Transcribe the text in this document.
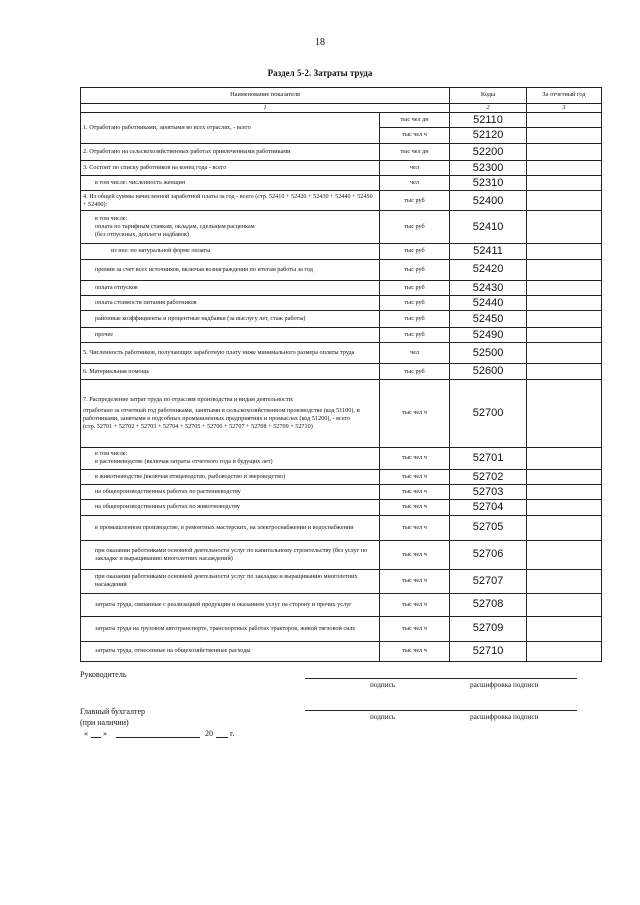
18
Раздел 5-2. Затраты труда
Наименование показателя		Коды	За отчетный год
1		2	3
1. Отработано работниками, занятыми во всех отраслях, - всего	тыс чел дн	52110	
	тыс чел ч	52120	
2. Отработано на сельскохозяйственных работах привлеченными работниками	тыс чел дн	52200	
3. Состоит по списку работников на конец года - всего	чел	52300	
в том числе: численность женщин	чел	52310	
4. Из общей суммы начисленной заработной платы за год - всего (стр. 52410 + 52420 + 52430 + 52440 + 52450 + 52490):	тыс руб	52400	

в том числе:
оплата по тарифным ставкам, окладам, сдельным расценкам
(без отпускных, доплат и надбавок)	тыс руб	52410	
из нее: по натуральной форме оплаты	тыс руб	52411	
премии за счет всех источников, включая вознаграждения по итогам работы за год	тыс руб	52420	
оплата отпусков	тыс руб	52430	
оплата стоимости питания работников	тыс руб	52440	
районные коэффициенты и процентные надбавки (за выслугу лет, стаж работы)	тыс руб	52450	
прочее	тыс руб	52490	
5. Численность работников, получающих заработную плату ниже минимального размера оплаты труда	чел	52500	
6. Материальная помощь	тыс руб	52600	

7. Распределение затрат труда по отраслям производства и видам деятельности:
отработано за отчетный год работниками, занятыми в сельскохозяйственном производстве (код 51100), и работниками, занятыми в подсобных промышленных предприятиях и промыслах (код 51200), - всего
(стр. 52701 + 52702 + 52703 + 52704 + 52705 + 52706 + 52707 + 52708 + 52709 + 52710)	тыс чел ч	52700	

в том числе:
в растениеводстве (включая затраты отчетного года и будущих лет)	тыс чел ч	52701	
в животноводстве (включая птицеводство, рыбоводство и звероводство)	тыс чел ч	52702	
на общепроизводственных работах по растениеводству	тыс чел ч	52703	
на общепроизводственных работах по животноводству	тыс чел ч	52704	
в промышленном производстве, в ремонтных мастерских, на электроснабжении и водоснабжении	тыс чел ч	52705	
при оказании работниками основной деятельности услуг по капитальному строительству (без услуг по закладке и выращиванию многолетних насаждений)	тыс чел ч	52706	
при оказании работниками основной деятельности услуг по закладке и выращиванию многолетних насаждений	тыс чел ч	52707	
затраты труда, связанные с реализацией продукции и оказанием услуг на сторону и прочих услуг	тыс чел ч	52708	
затраты труда на грузовом автотранспорте, транспортных работах тракторов, живой тягловой силе	тыс чел ч	52709	
затраты труда, отнесенные на общехозяйственные расходы	тыс чел ч	52710	
Руководитель
подпись	расшифровка подписи
Главный бухгалтер
(при наличии)
подпись	расшифровка подписи
« »	20 г.
